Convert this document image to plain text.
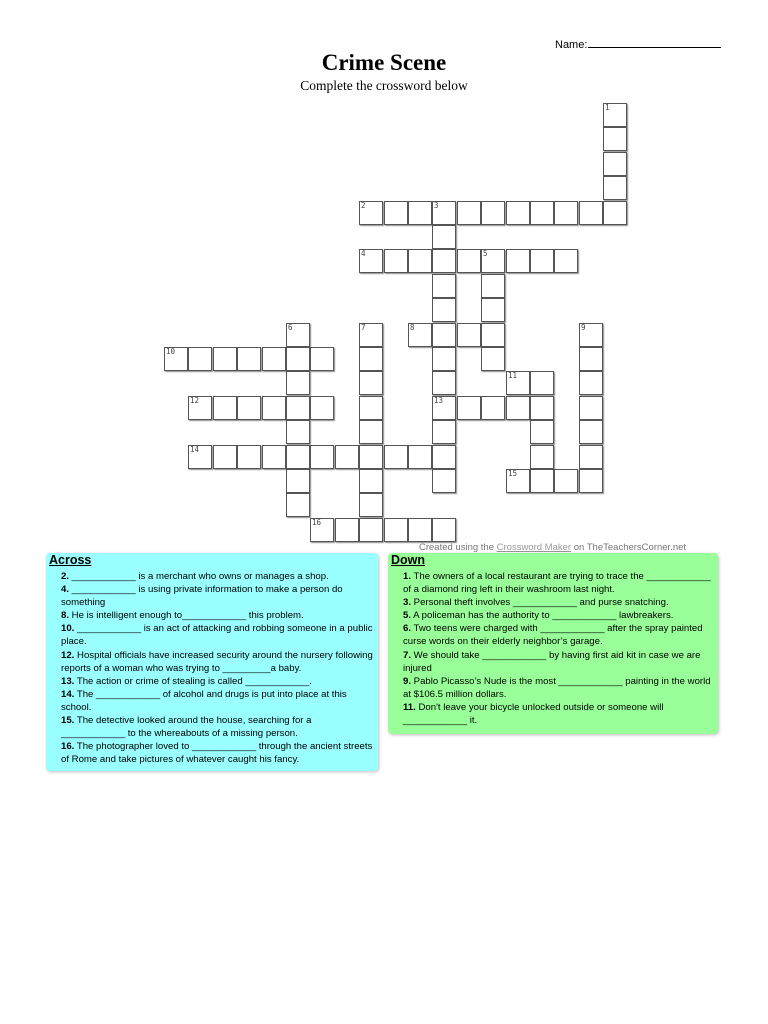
Name:
Crime Scene
Complete the crossword below
1
2	3
4	5
6	7	8	9
10
11
12	13
14
15
16
Created using the Crossword Maker on TheTeachersCorner.net
Across

2. ____________ is a merchant who owns or manages a shop.

4. ____________ is using private information to make a person do something

8. He is intelligent enough to____________ this problem.

10. ____________ is an act of attacking and robbing someone in a public place.

12. Hospital officials have increased security around the nursery following reports of a woman who was trying to _________a baby.

13. The action or crime of stealing is called ____________.

14. The ____________ of alcohol and drugs is put into place at this school.

15. The detective looked around the house, searching for a ____________ to the whereabouts of a missing person.

16. The photographer loved to ____________ through the ancient streets of Rome and take pictures of whatever caught his fancy.

Down

1. The owners of a local restaurant are trying to trace the ____________ of a diamond ring left in their washroom last night.

3. Personal theft involves ____________ and purse snatching.

5. A policeman has the authority to ____________ lawbreakers.

6. Two teens were charged with ____________ after the spray painted curse words on their elderly neighbor’s garage.

7. We should take ____________ by having first aid kit in case we are injured

9. Pablo Picasso’s Nude is the most ____________ painting in the world at $106.5 million dollars.

11. Don't leave your bicycle unlocked outside or someone will ____________ it.
